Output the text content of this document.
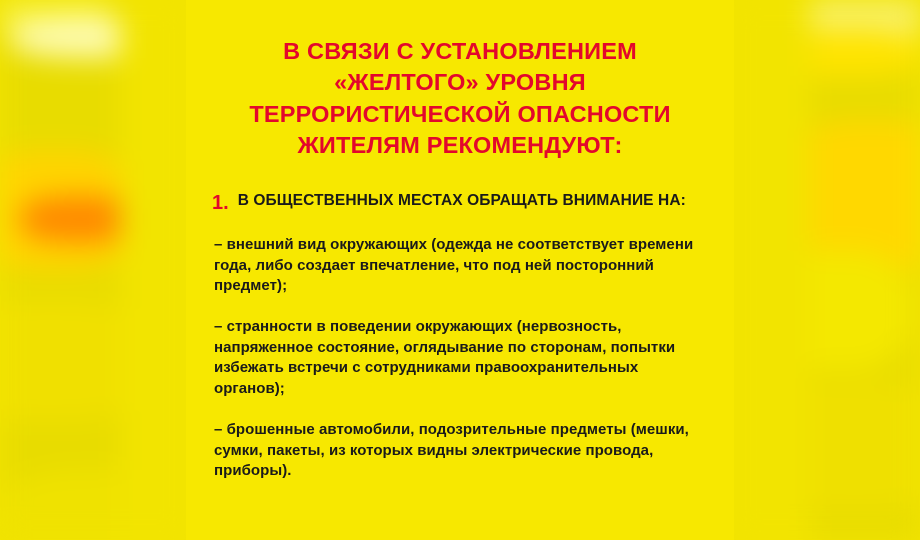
В СВЯЗИ С УСТАНОВЛЕНИЕМ
«ЖЕЛТОГО» УРОВНЯ
ТЕРРОРИСТИЧЕСКОЙ ОПАСНОСТИ
ЖИТЕЛЯМ РЕКОМЕНДУЮТ:
1. В ОБЩЕСТВЕННЫХ МЕСТАХ ОБРАЩАТЬ ВНИМАНИЕ НА:

– внешний вид окружающих (одежда не соответствует времени года, либо создает впечатление, что под ней посторонний предмет);

– странности в поведении окружающих (нервозность, напряженное состояние, оглядывание по сторонам, попытки избежать встречи с сотрудниками правоохранительных органов);

– брошенные автомобили, подозрительные предметы (мешки, сумки, пакеты, из которых видны электрические провода, приборы).
